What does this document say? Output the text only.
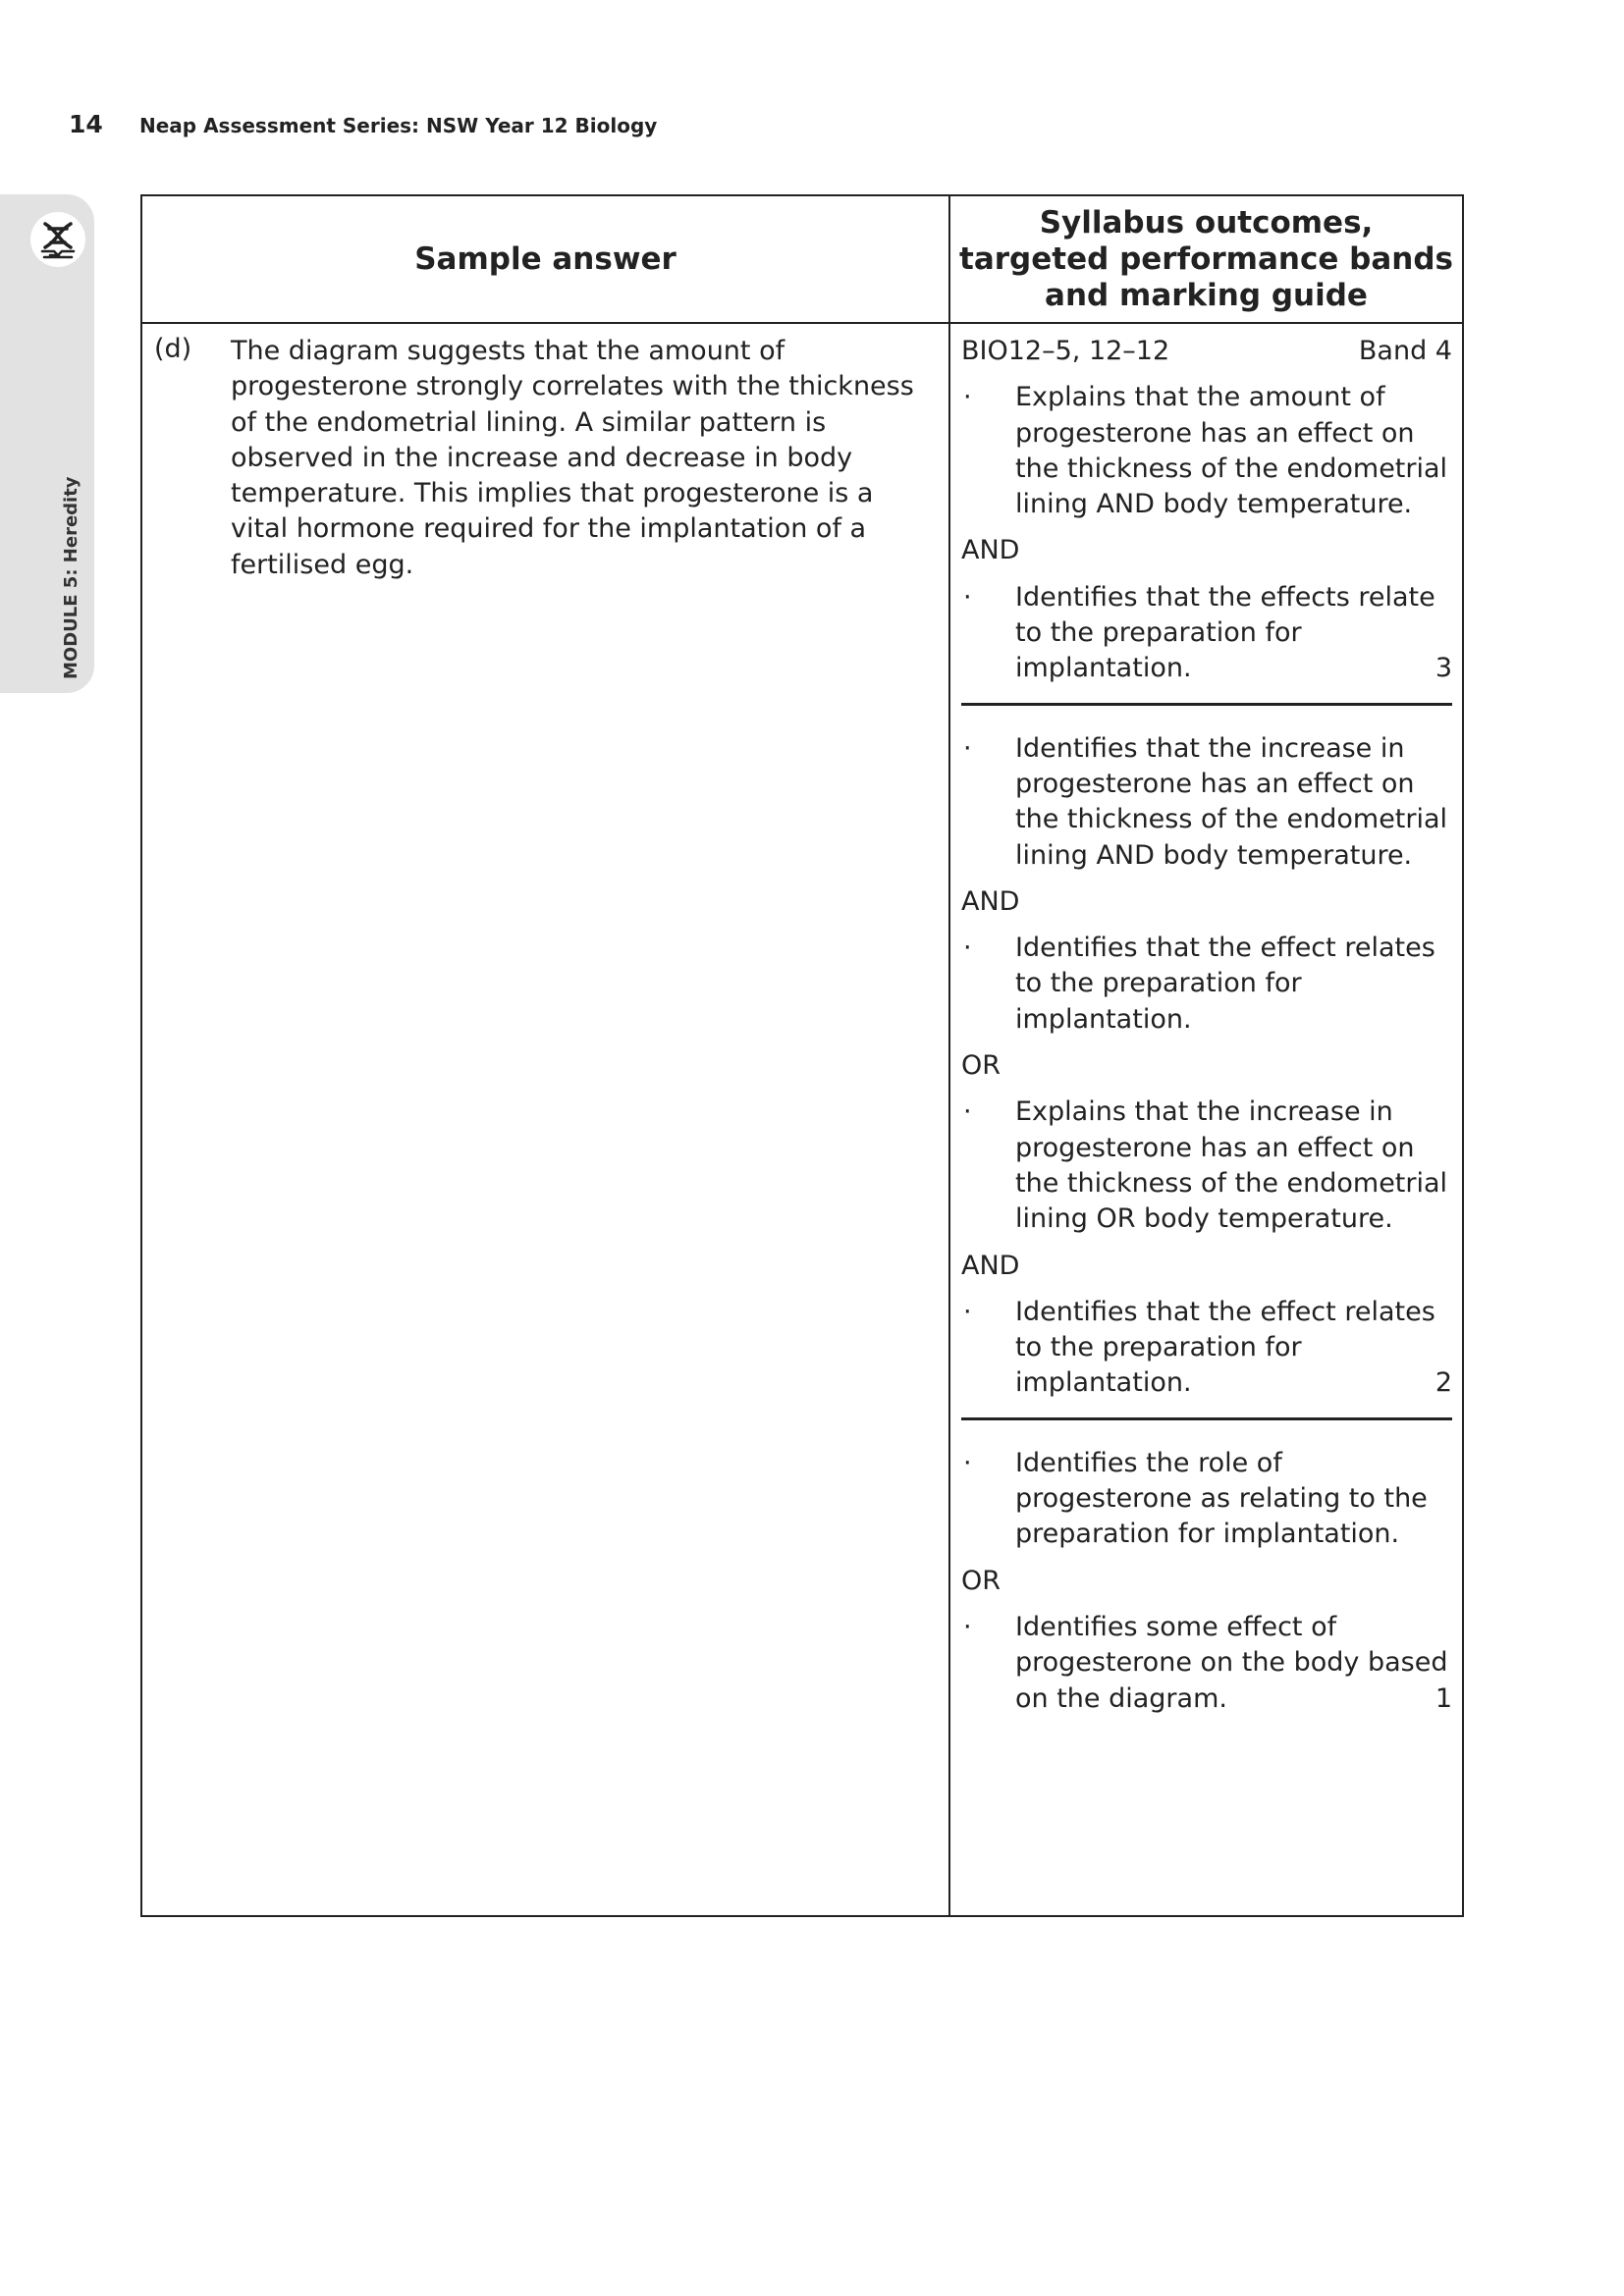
14	Neap Assessment Series: NSW Year 12 Biology
MODULE 5: Heredity
Sample answer
Syllabus outcomes,
targeted performance bands
and marking guide
(d) The diagram suggests that the amount of progesterone strongly correlates with the thickness of the endometrial lining. A similar pattern is observed in the increase and decrease in body temperature. This implies that progesterone is a vital hormone required for the implantation of a fertilised egg.
BIO12–5, 12–12	Band 4
·	Explains that the amount of progesterone has an effect on the thickness of the endometrial lining AND body temperature.
AND
·	Identifies that the effects relate to the preparation for implantation.	3
·	Identifies that the increase in progesterone has an effect on the thickness of the endometrial lining AND body temperature.
AND
·	Identifies that the effect relates to the preparation for implantation.
OR
·	Explains that the increase in progesterone has an effect on the thickness of the endometrial lining OR body temperature.
AND
·	Identifies that the effect relates to the preparation for implantation.	2
·	Identifies the role of progesterone as relating to the preparation for implantation.
OR
·	Identifies some effect of progesterone on the body based on the diagram.	1
